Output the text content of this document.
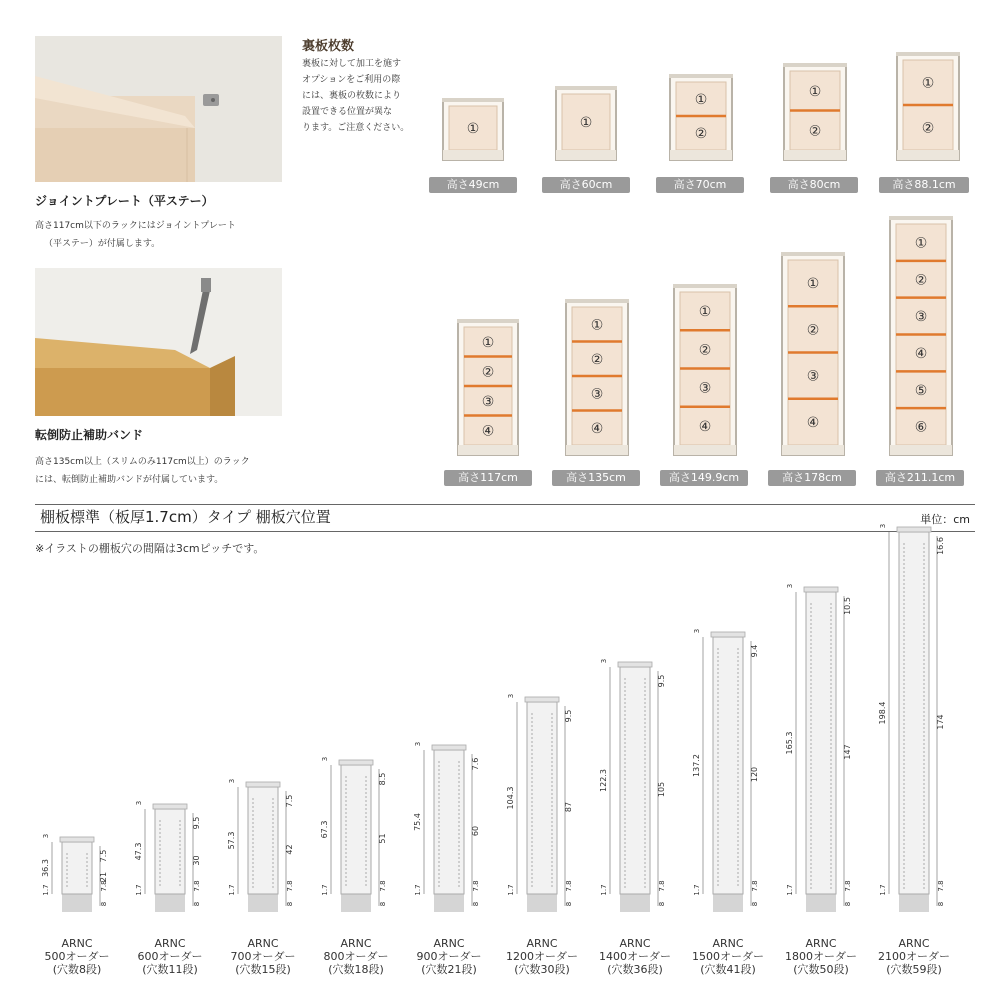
ジョイントプレート（平ステー）
高さ117cm以下のラックにはジョイントプレート
（平ステー）が付属します。
転倒防止補助バンド
高さ135cm以上（スリムのみ117cm以上）のラック
には、転倒防止補助バンドが付属しています。
裏板枚数
裏板に対して加工を施す
オプションをご利用の際
には、裏板の枚数により
設置できる位置が異な
ります。ご注意ください。	①	①
①
②
①
②
①
②
①
②
③
④
①
②
③
④
①
②
③
④
①
②
③
④
①
②
③
④
⑤
⑥
高さ49cm	高さ60cm	高さ70cm	高さ80cm	高さ88.1cm
高さ117cm	高さ135cm	高さ149.9cm	高さ178cm	高さ211.1cm
棚板標準（板厚1.7cm）タイプ 棚板穴位置	単位：cm
※イラストの棚板穴の間隔は3cmピッチです。
36.3
3
1.7
7.5
21
7.8
8
47.3
3
1.7
9.5
30
7.8
8
57.3
3
1.7
7.5
42
7.8
8
67.3
3
1.7
8.5
51
7.8
8
75.4
3
1.7
7.6
60
7.8
8
104.3
3
1.7
9.5
87
7.8
8
122.3
3
1.7
9.5
105
7.8
8
137.2
3
1.7
9.4
120
7.8
8
165.3
3
1.7
10.5
147
7.8
8
198.4
3
1.7
16.6
174
7.8
8
ARNC
500オーダー
(穴数8段)
ARNC
600オーダー
(穴数11段)
ARNC
700オーダー
(穴数15段)
ARNC
800オーダー
(穴数18段)
ARNC
900オーダー
(穴数21段)
ARNC
1200オーダー
(穴数30段)
ARNC
1400オーダー
(穴数36段)
ARNC
1500オーダー
(穴数41段)
ARNC
1800オーダー
(穴数50段)
ARNC
2100オーダー
(穴数59段)
